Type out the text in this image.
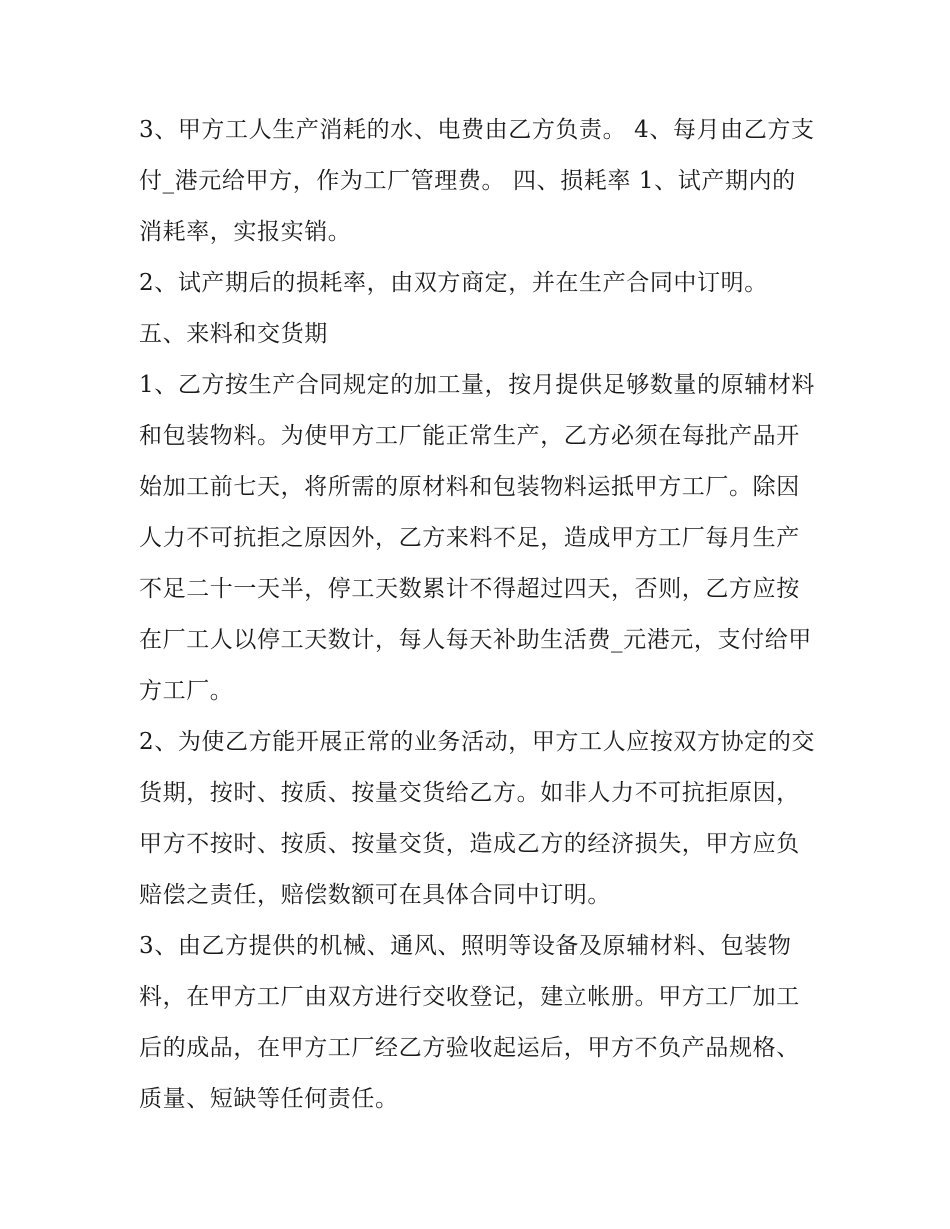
3、甲方工人生产消耗的水、电费由乙方负责。 4、每月由乙方支付_港元给甲方，作为工厂管理费。 四、损耗率 1、试产期内的消耗率，实报实销。

2、试产期后的损耗率，由双方商定，并在生产合同中订明。

五、来料和交货期

1、乙方按生产合同规定的加工量，按月提供足够数量的原辅材料和包装物料。为使甲方工厂能正常生产，乙方必须在每批产品开始加工前七天，将所需的原材料和包装物料运抵甲方工厂。除因人力不可抗拒之原因外，乙方来料不足，造成甲方工厂每月生产不足二十一天半，停工天数累计不得超过四天，否则，乙方应按在厂工人以停工天数计，每人每天补助生活费_元港元，支付给甲方工厂。

2、为使乙方能开展正常的业务活动，甲方工人应按双方协定的交货期，按时、按质、按量交货给乙方。如非人力不可抗拒原因，甲方不按时、按质、按量交货，造成乙方的经济损失，甲方应负赔偿之责任，赔偿数额可在具体合同中订明。

3、由乙方提供的机械、通风、照明等设备及原辅材料、包装物料，在甲方工厂由双方进行交收登记，建立帐册。甲方工厂加工后的成品，在甲方工厂经乙方验收起运后，甲方不负产品规格、质量、短缺等任何责任。
